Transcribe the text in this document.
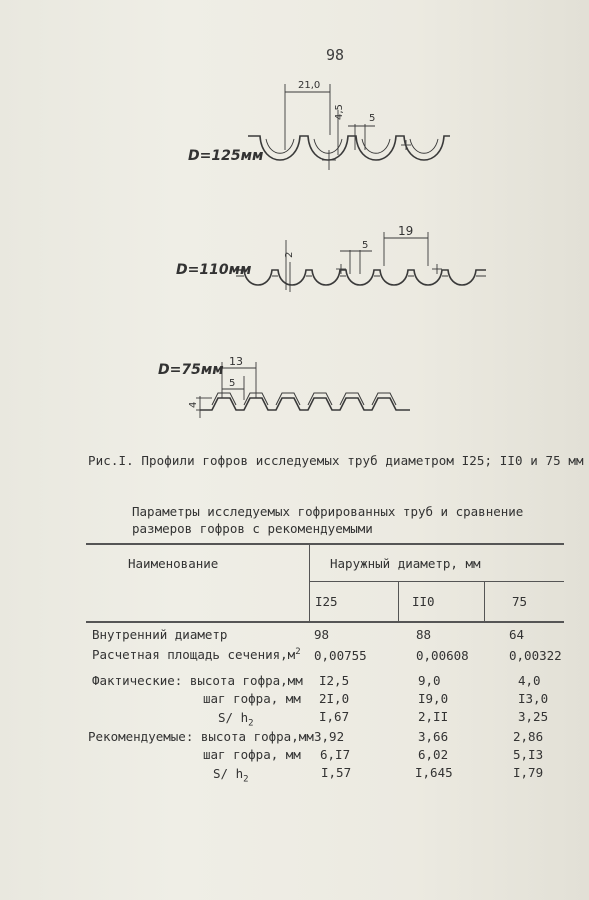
98
D=125мм
21,0
4,5 5
D=110мм
2
5
19
D=75мм
13
5
4
Рис.I. Профили гофров исследуемых труб диаметром I25; II0 и 75 мм
Параметры исследуемых гофрированных труб и сравнение
размеров гофров с рекомендуемыми
Наименование	Наружный диаметр, мм
I25	II0	75
Внутренний диаметр	98	88	64
Расчетная площадь $сечения,м^2$ 0,00755	0,00608	0,00322
Фактические: высота гофра,мм I2,5	9,0	4,0
шаг гофра, мм 2I,0	I9,0	I3,0
S/ $h_2$	I,67	2,II	3,25
Рекомендуемые: высота гофра,мм 3,92	3,66	2,86
шаг гофра, мм 6,I7	6,02	5,I3
S/ $h_2$	I,57	I,645	I,79
